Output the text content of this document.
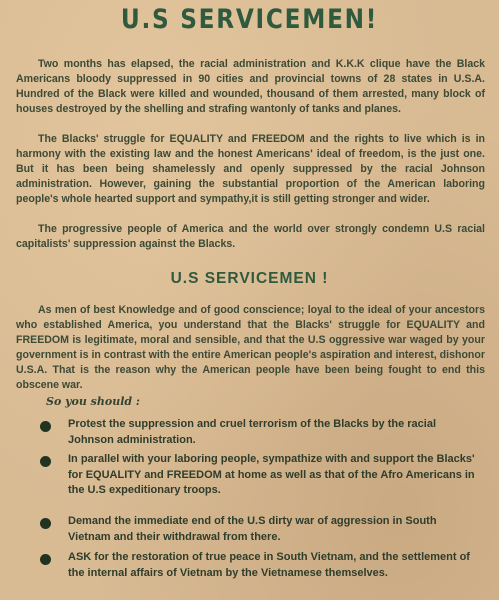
U.S SERVICEMEN!

Two months has elapsed, the racial administration and K.K.K clique have the Black Americans bloody suppressed in 90 cities and provincial towns of 28 states in U.S.A. Hundred of the Black were killed and wounded, thousand of them arrested, many block of houses destroyed by the shelling and strafing wantonly of tanks and planes.

The Blacks' struggle for EQUALITY and FREEDOM and the rights to live which is in harmony with the existing law and the honest Americans' ideal of freedom, is the just one. But it has been being shamelessly and openly suppressed by the racial Johnson administration. However, gaining the substantial proportion of the American laboring people's whole hearted support and sympathy,it is still getting stronger and wider.

The progressive people of America and the world over strongly condemn U.S racial capitalists' suppression against the Blacks.

U.S SERVICEMEN !

As men of best Knowledge and of good conscience; loyal to the ideal of your ancestors who established America, you understand that the Blacks' struggle for EQUALITY and FREEDOM is legitimate, moral and sensible, and that the U.S oggressive war waged by your government is in contrast with the entire American people's aspiration and interest, dishonor U.S.A. That is the reason why the American people have been being fought to end this obscene war.

So you should :
Protest the suppression and cruel terrorism of the Blacks by the racial Johnson administration.
In parallel with your laboring people, sympathize with and support the Blacks' for EQUALITY and FREEDOM at home as well as that of the Afro Americans in the U.S expeditionary troops.
Demand the immediate end of the U.S dirty war of aggression in South Vietnam and their withdrawal from there.
ASK for the restoration of true peace in South Vietnam, and the settlement of the internal affairs of Vietnam by the Vietnamese themselves.
